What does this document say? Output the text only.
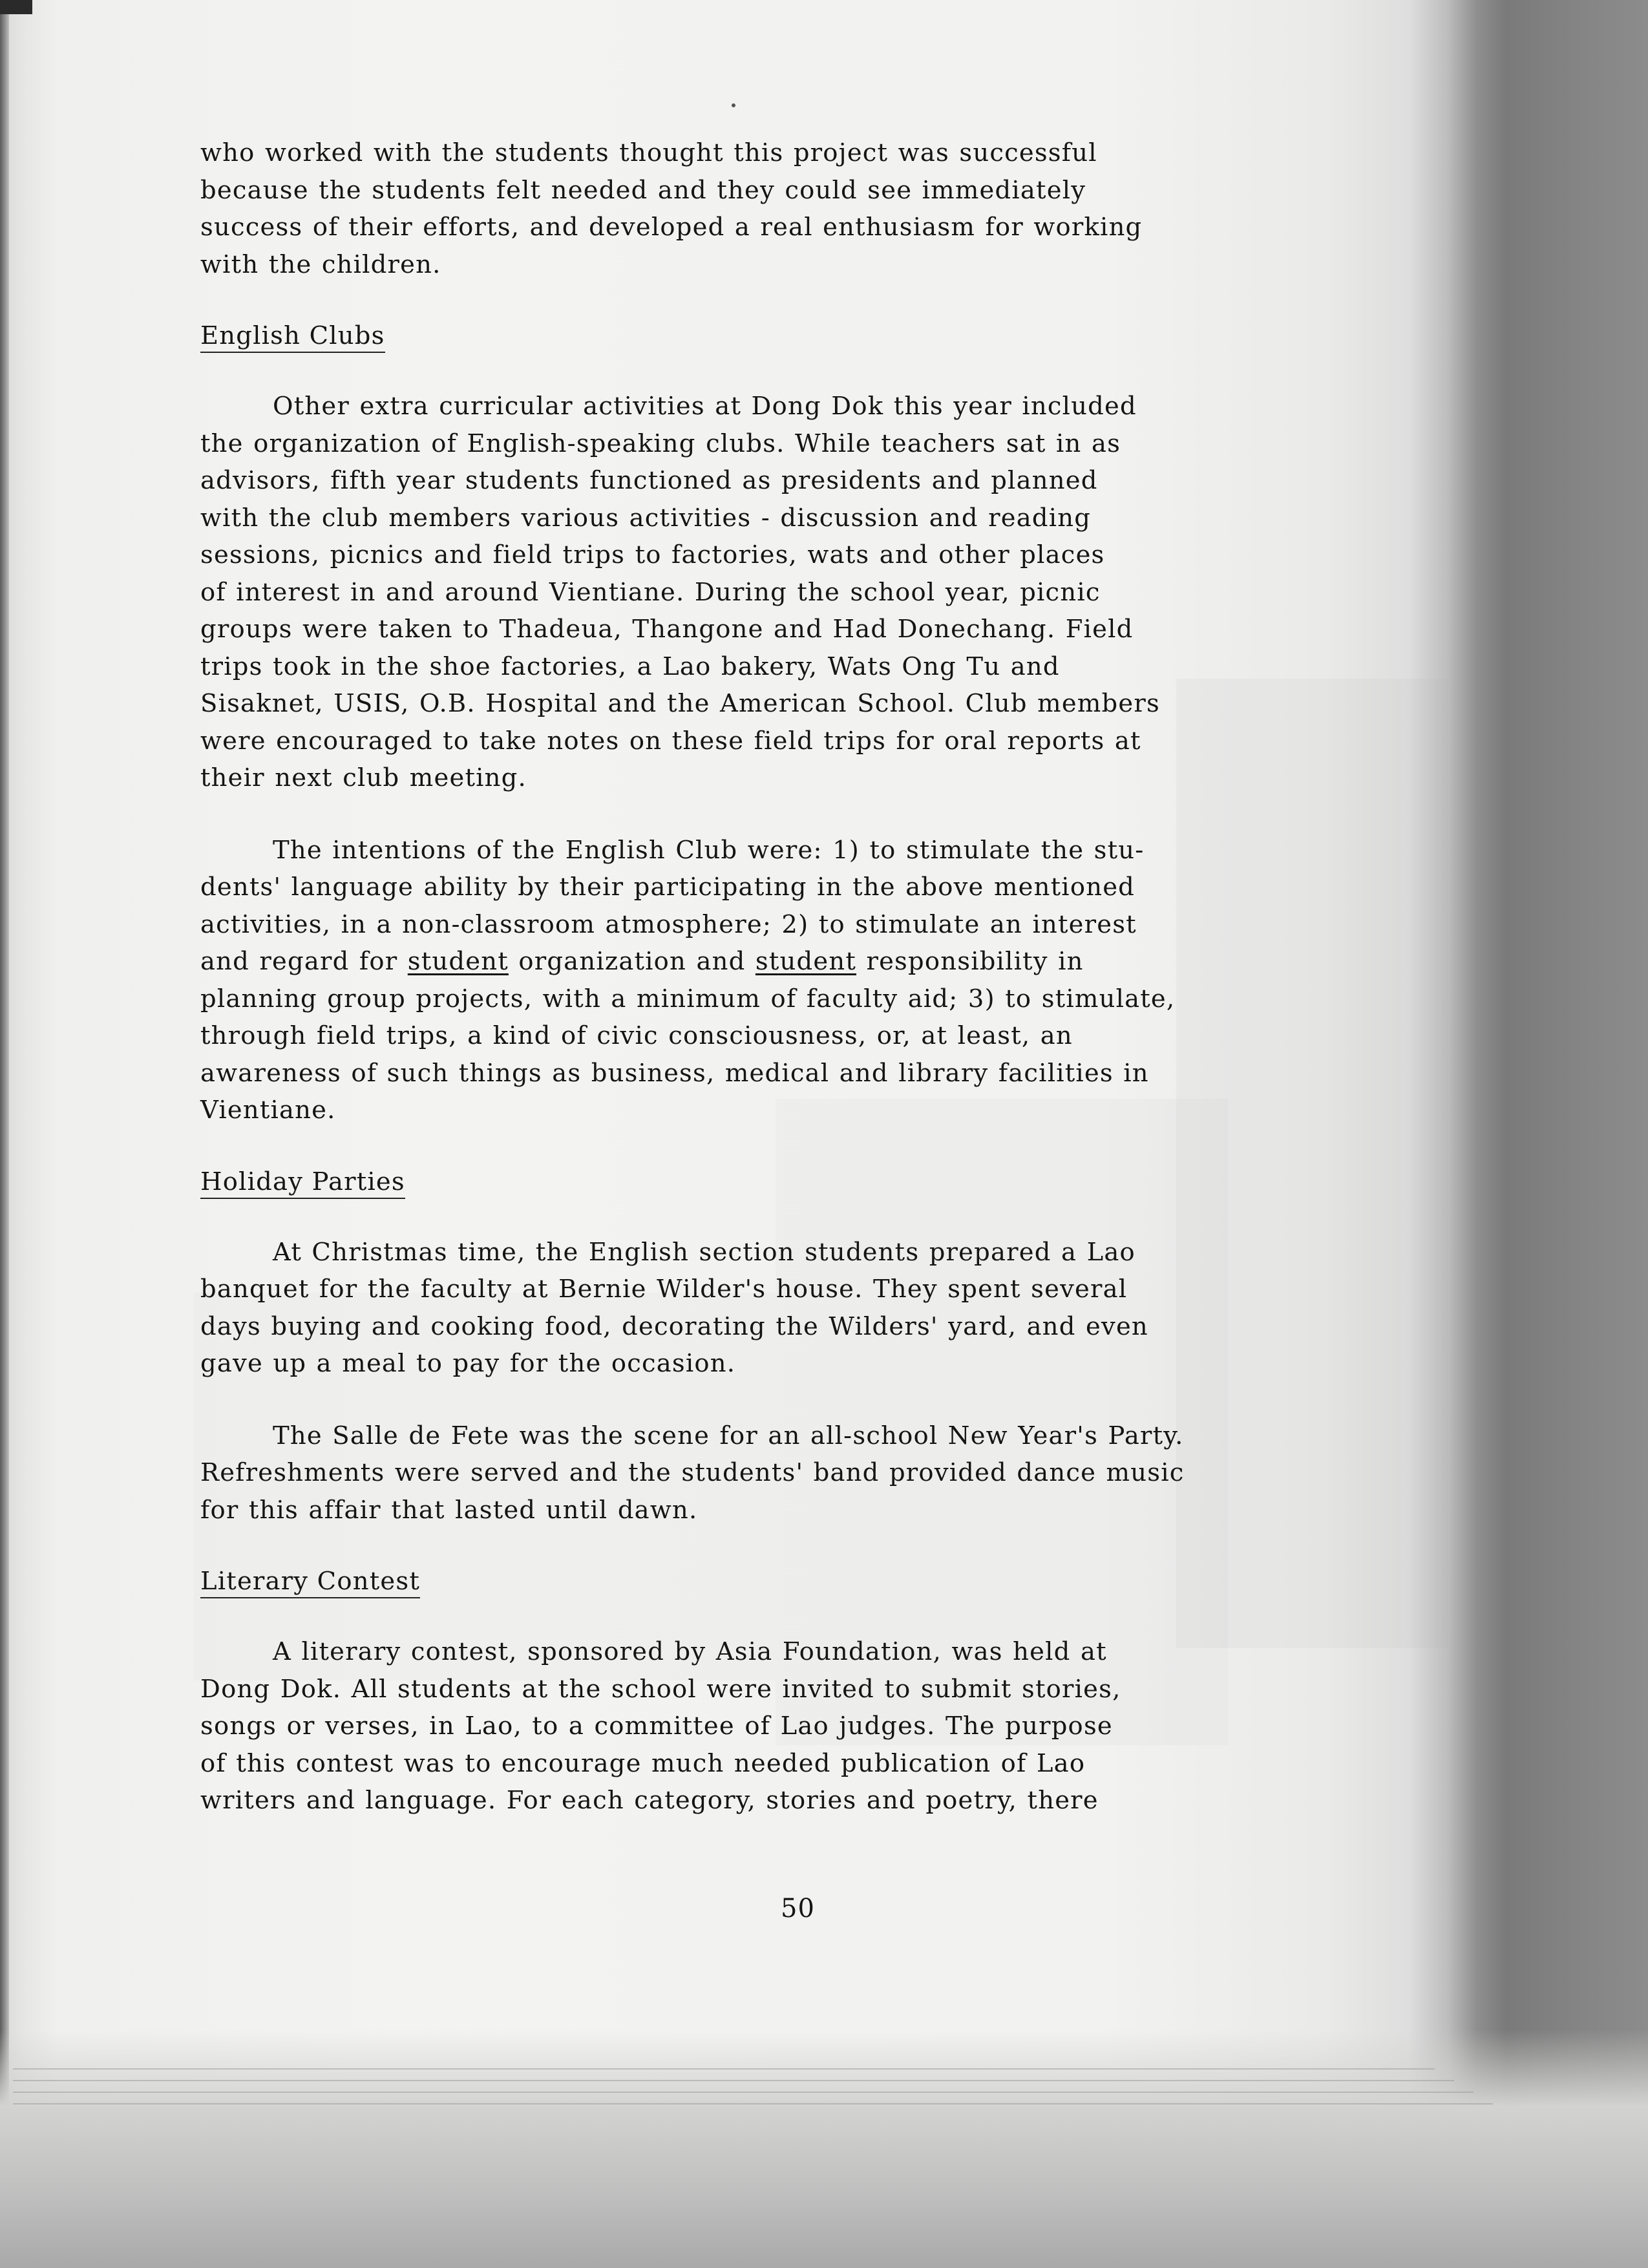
who worked with the students thought this project was successful
because the students felt needed and they could see immediately
success of their efforts, and developed a real enthusiasm for working
with the children.

English Clubs

Other extra curricular activities at Dong Dok this year included
the organization of English-speaking clubs. While teachers sat in as
advisors, fifth year students functioned as presidents and planned
with the club members various activities - discussion and reading
sessions, picnics and field trips to factories, wats and other places
of interest in and around Vientiane. During the school year, picnic
groups were taken to Thadeua, Thangone and Had Donechang. Field
trips took in the shoe factories, a Lao bakery, Wats Ong Tu and
Sisaknet, USIS, O.B. Hospital and the American School. Club members
were encouraged to take notes on these field trips for oral reports at
their next club meeting.

The intentions of the English Club were: 1) to stimulate the stu-
dents' language ability by their participating in the above mentioned
activities, in a non-classroom atmosphere; 2) to stimulate an interest
and regard for student organization and student responsibility in
planning group projects, with a minimum of faculty aid; 3) to stimulate,
through field trips, a kind of civic consciousness, or, at least, an
awareness of such things as business, medical and library facilities in
Vientiane.

Holiday Parties

At Christmas time, the English section students prepared a Lao
banquet for the faculty at Bernie Wilder's house. They spent several
days buying and cooking food, decorating the Wilders' yard, and even
gave up a meal to pay for the occasion.

The Salle de Fete was the scene for an all-school New Year's Party.
Refreshments were served and the students' band provided dance music
for this affair that lasted until dawn.

Literary Contest

A literary contest, sponsored by Asia Foundation, was held at
Dong Dok. All students at the school were invited to submit stories,
songs or verses, in Lao, to a committee of Lao judges. The purpose
of this contest was to encourage much needed publication of Lao
writers and language. For each category, stories and poetry, there

50
